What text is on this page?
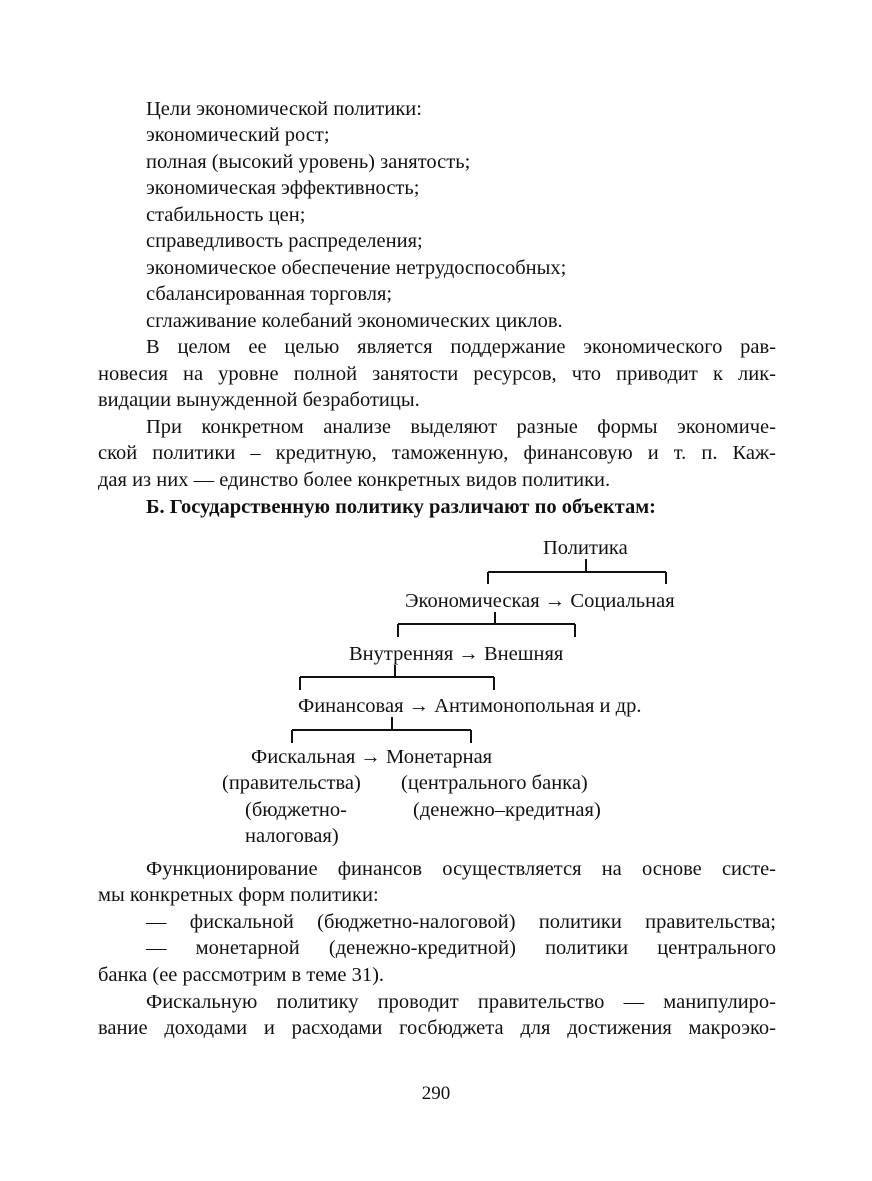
Цели экономической политики:
экономический рост;
полная (высокий уровень) занятость;
экономическая эффективность;
стабильность цен;
справедливость распределения;
экономическое обеспечение нетрудоспособных;
сбалансированная торговля;
сглаживание колебаний экономических циклов.
В целом ее целью является поддержание экономического рав-
новесия на уровне полной занятости ресурсов, что приводит к лик-
видации вынужденной безработицы.
При конкретном анализе выделяют разные формы экономиче-
ской политики – кредитную, таможенную, финансовую и т. п. Каж-
дая из них — единство более конкретных видов политики.
Б. Государственную политику различают по объектам:
Политика
Экономическая → Социальная
Внутренняя → Внешняя
Финансовая → Антимонопольная и др.
Фискальная → Монетарная
(правительства) (центрального банка)
(бюджетно-	(денежно–кредитная)
налоговая)
Функционирование финансов осуществляется на основе систе-
мы конкретных форм политики:
— фискальной (бюджетно-налоговой) политики правительства;
— монетарной (денежно-кредитной) политики центрального
банка (ее рассмотрим в теме 31).
Фискальную политику проводит правительство — манипулиро-
вание доходами и расходами госбюджета для достижения макроэко-
290
